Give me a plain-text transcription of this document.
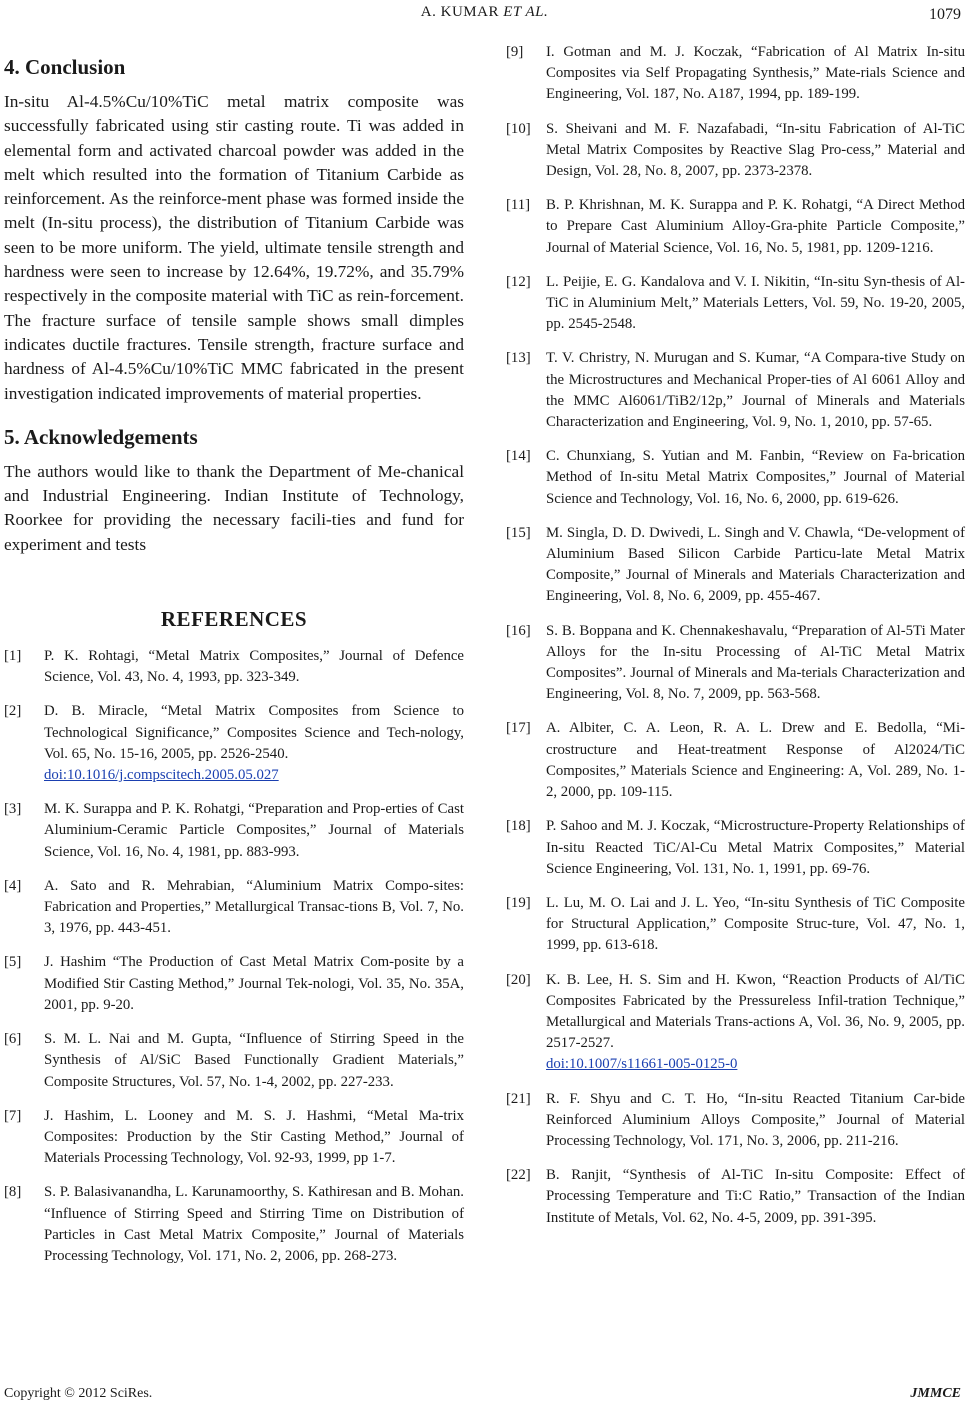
A. KUMAR ET AL.	1079
4. Conclusion

In-situ Al-4.5%Cu/10%TiC metal matrix composite was successfully fabricated using stir casting route. Ti was added in elemental form and activated charcoal powder was added in the melt which resulted into the formation of Titanium Carbide as reinforcement. As the reinforce-ment phase was formed inside the melt (In-situ process), the distribution of Titanium Carbide was seen to be more uniform. The yield, ultimate tensile strength and hardness were seen to increase by 12.64%, 19.72%, and 35.79% respectively in the composite material with TiC as rein-forcement. The fracture surface of tensile sample shows small dimples indicates ductile fractures. Tensile strength, fracture surface and hardness of Al-4.5%Cu/10%TiC MMC fabricated in the present investigation indicated improvements of material properties.

5. Acknowledgements

The authors would like to thank the Department of Me-chanical and Industrial Engineering. Indian Institute of Technology, Roorkee for providing the necessary facili-ties and fund for experiment and tests

REFERENCES
[1]	P. K. Rohtagi, “Metal Matrix Composites,” Journal of Defence Science, Vol. 43, No. 4, 1993, pp. 323-349.
[2]	D. B. Miracle, “Metal Matrix Composites from Science to Technological Significance,” Composites Science and Tech-nology, Vol. 65, No. 15-16, 2005, pp. 2526-2540.
doi:10.1016/j.compscitech.2005.05.027
[3]	M. K. Surappa and P. K. Rohatgi, “Preparation and Prop-erties of Cast Aluminium-Ceramic Particle Composites,” Journal of Materials Science, Vol. 16, No. 4, 1981, pp. 883-993.
[4]	A. Sato and R. Mehrabian, “Aluminium Matrix Compo-sites: Fabrication and Properties,” Metallurgical Transac-tions B, Vol. 7, No. 3, 1976, pp. 443-451.
[5]	J. Hashim “The Production of Cast Metal Matrix Com-posite by a Modified Stir Casting Method,” Journal Tek-nologi, Vol. 35, No. 35A, 2001, pp. 9-20.
[6]	S. M. L. Nai and M. Gupta, “Influence of Stirring Speed in the Synthesis of Al/SiC Based Functionally Gradient Materials,” Composite Structures, Vol. 57, No. 1-4, 2002, pp. 227-233.
[7]	J. Hashim, L. Looney and M. S. J. Hashmi, “Metal Ma-trix Composites: Production by the Stir Casting Method,” Journal of Materials Processing Technology, Vol. 92-93, 1999, pp 1-7.
[8]	S. P. Balasivanandha, L. Karunamoorthy, S. Kathiresan and B. Mohan. “Influence of Stirring Speed and Stirring Time on Distribution of Particles in Cast Metal Matrix Composite,” Journal of Materials Processing Technology, Vol. 171, No. 2, 2006, pp. 268-273.
[9]	I. Gotman and M. J. Koczak, “Fabrication of Al Matrix In-situ Composites via Self Propagating Synthesis,” Mate-rials Science and Engineering, Vol. 187, No. A187, 1994, pp. 189-199.
[10]	S. Sheivani and M. F. Nazafabadi, “In-situ Fabrication of Al-TiC Metal Matrix Composites by Reactive Slag Pro-cess,” Material and Design, Vol. 28, No. 8, 2007, pp. 2373-2378.
[11]	B. P. Khrishnan, M. K. Surappa and P. K. Rohatgi, “A Direct Method to Prepare Cast Aluminium Alloy-Gra-phite Particle Composite,” Journal of Material Science, Vol. 16, No. 5, 1981, pp. 1209-1216.
[12]	L. Peijie, E. G. Kandalova and V. I. Nikitin, “In-situ Syn-thesis of Al-TiC in Aluminium Melt,” Materials Letters, Vol. 59, No. 19-20, 2005, pp. 2545-2548.
[13]	T. V. Christry, N. Murugan and S. Kumar, “A Compara-tive Study on the Microstructures and Mechanical Proper-ties of Al 6061 Alloy and the MMC Al6061/TiB2/12p,” Journal of Minerals and Materials Characterization and Engineering, Vol. 9, No. 1, 2010, pp. 57-65.
[14]	C. Chunxiang, S. Yutian and M. Fanbin, “Review on Fa-brication Method of In-situ Metal Matrix Composites,” Journal of Material Science and Technology, Vol. 16, No. 6, 2000, pp. 619-626.
[15]	M. Singla, D. D. Dwivedi, L. Singh and V. Chawla, “De-velopment of Aluminium Based Silicon Carbide Particu-late Metal Matrix Composite,” Journal of Minerals and Materials Characterization and Engineering, Vol. 8, No. 6, 2009, pp. 455-467.
[16]	S. B. Boppana and K. Chennakeshavalu, “Preparation of Al-5Ti Mater Alloys for the In-situ Processing of Al-TiC Metal Matrix Composites”. Journal of Minerals and Ma-terials Characterization and Engineering, Vol. 8, No. 7, 2009, pp. 563-568.
[17]	A. Albiter, C. A. Leon, R. A. L. Drew and E. Bedolla, “Mi-crostructure and Heat-treatment Response of Al2024/TiC Composites,” Materials Science and Engineering: A, Vol. 289, No. 1-2, 2000, pp. 109-115.
[18]	P. Sahoo and M. J. Koczak, “Microstructure-Property Relationships of In-situ Reacted TiC/Al-Cu Metal Matrix Composites,” Material Science Engineering, Vol. 131, No. 1, 1991, pp. 69-76.
[19]	L. Lu, M. O. Lai and J. L. Yeo, “In-situ Synthesis of TiC Composite for Structural Application,” Composite Struc-ture, Vol. 47, No. 1, 1999, pp. 613-618.
[20]	K. B. Lee, H. S. Sim and H. Kwon, “Reaction Products of Al/TiC Composites Fabricated by the Pressureless Infil-tration Technique,” Metallurgical and Materials Trans-actions A, Vol. 36, No. 9, 2005, pp. 2517-2527.
doi:10.1007/s11661-005-0125-0
[21]	R. F. Shyu and C. T. Ho, “In-situ Reacted Titanium Car-bide Reinforced Aluminium Alloys Composite,” Journal of Material Processing Technology, Vol. 171, No. 3, 2006, pp. 211-216.
[22]	B. Ranjit, “Synthesis of Al-TiC In-situ Composite: Effect of Processing Temperature and Ti:C Ratio,” Transaction of the Indian Institute of Metals, Vol. 62, No. 4-5, 2009, pp. 391-395.
Copyright © 2012 SciRes.	JMMCE
